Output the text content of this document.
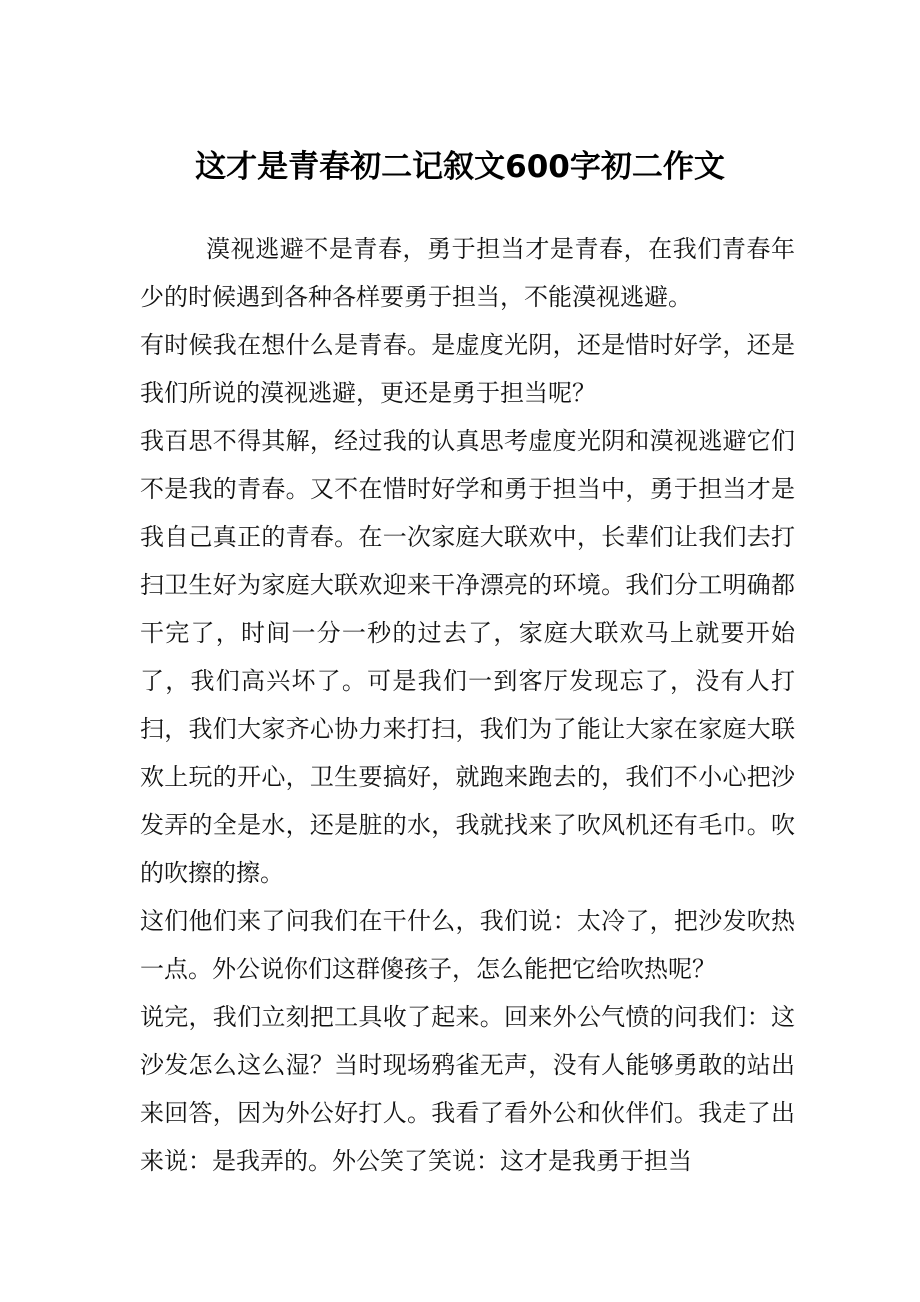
这才是青春初二记叙文600字初二作文

漠视逃避不是青春，勇于担当才是青春，在我们青春年少的时候遇到各种各样要勇于担当，不能漠视逃避。

有时候我在想什么是青春。是虚度光阴，还是惜时好学，还是我们所说的漠视逃避，更还是勇于担当呢？

我百思不得其解，经过我的认真思考虚度光阴和漠视逃避它们不是我的青春。又不在惜时好学和勇于担当中，勇于担当才是我自己真正的青春。在一次家庭大联欢中，长辈们让我们去打扫卫生好为家庭大联欢迎来干净漂亮的环境。我们分工明确都干完了，时间一分一秒的过去了，家庭大联欢马上就要开始了，我们高兴坏了。可是我们一到客厅发现忘了，没有人打扫，我们大家齐心协力来打扫，我们为了能让大家在家庭大联欢上玩的开心，卫生要搞好，就跑来跑去的，我们不小心把沙发弄的全是水，还是脏的水，我就找来了吹风机还有毛巾。吹的吹擦的擦。

这们他们来了问我们在干什么，我们说：太冷了，把沙发吹热一点。外公说你们这群傻孩子，怎么能把它给吹热呢？

说完，我们立刻把工具收了起来。回来外公气愤的问我们：这沙发怎么这么湿？当时现场鸦雀无声，没有人能够勇敢的站出来回答，因为外公好打人。我看了看外公和伙伴们。我走了出来说：是我弄的。外公笑了笑说：这才是我勇于担当
